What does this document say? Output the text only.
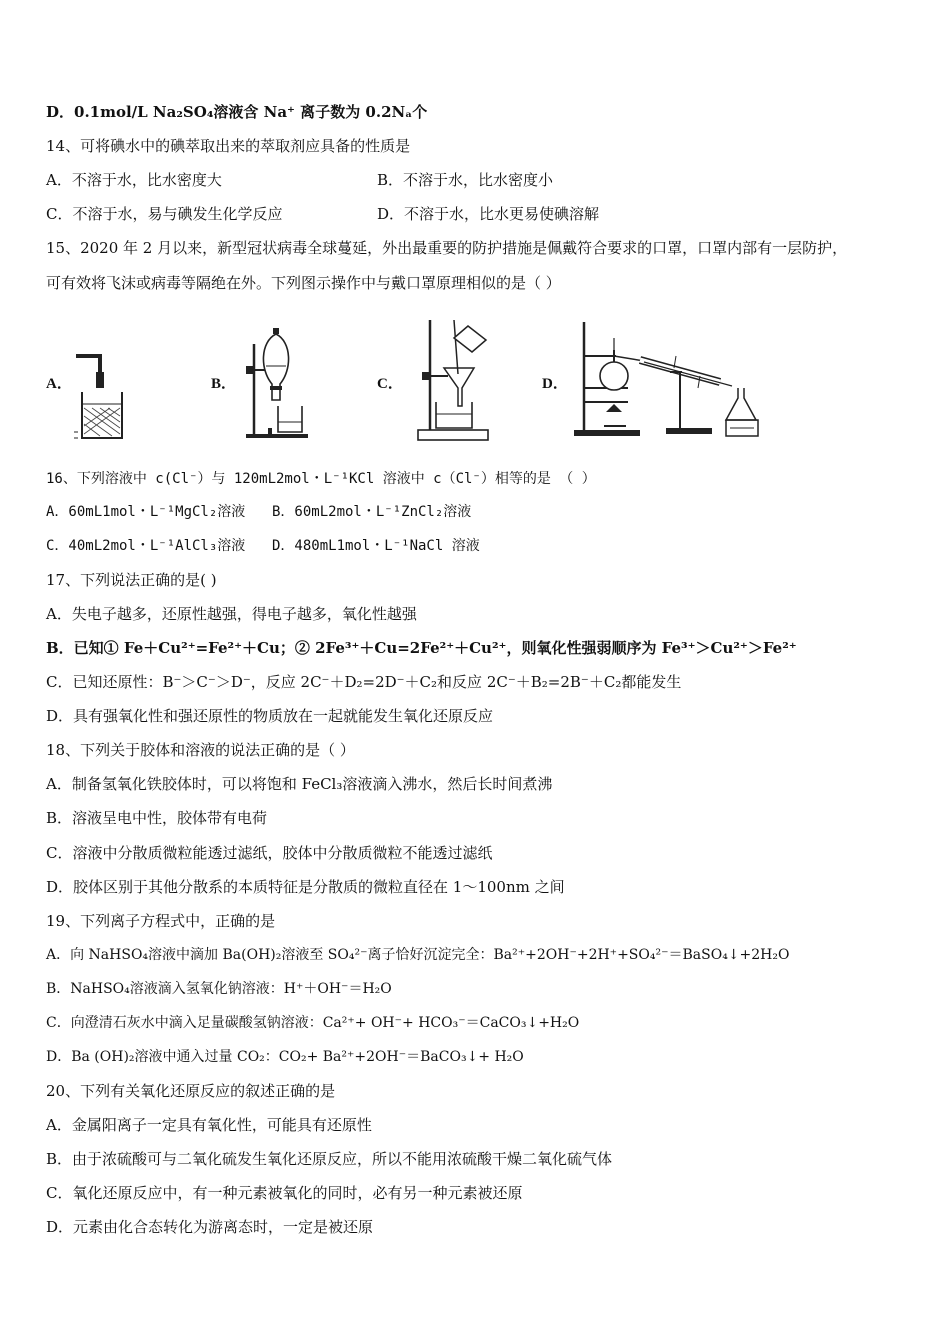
D．0.1mol/L Na₂SO₄溶液含 Na⁺ 离子数为 0.2Nₐ个
14、可将碘水中的碘萃取出来的萃取剂应具备的性质是
A．不溶于水，比水密度大	B．不溶于水，比水密度小
C．不溶于水，易与碘发生化学反应	D．不溶于水，比水更易使碘溶解
15、2020 年 2 月以来，新型冠状病毒全球蔓延，外出最重要的防护措施是佩戴符合要求的口罩，口罩内部有一层防护，
可有效将飞沫或病毒等隔绝在外。下列图示操作中与戴口罩原理相似的是（ ）
A．	B．	C．	D．
16、下列溶液中 c(Cl⁻）与 120mL2mol・L⁻¹KCl 溶液中 c（Cl⁻）相等的是 （ ）
A．60mL1mol・L⁻¹MgCl₂溶液 B．60mL2mol・L⁻¹ZnCl₂溶液
C．40mL2mol・L⁻¹AlCl₃溶液 D．480mL1mol・L⁻¹NaCl 溶液
17、下列说法正确的是( )
A．失电子越多，还原性越强，得电子越多，氧化性越强
B．已知① Fe＋Cu²⁺=Fe²⁺＋Cu；② 2Fe³⁺＋Cu=2Fe²⁺＋Cu²⁺，则氧化性强弱顺序为 Fe³⁺＞Cu²⁺＞Fe²⁺
C．已知还原性：B⁻＞C⁻＞D⁻，反应 2C⁻＋D₂=2D⁻＋C₂和反应 2C⁻＋B₂=2B⁻＋C₂都能发生
D．具有强氧化性和强还原性的物质放在一起就能发生氧化还原反应
18、下列关于胶体和溶液的说法正确的是（ ）
A．制备氢氧化铁胶体时，可以将饱和 FeCl₃溶液滴入沸水，然后长时间煮沸
B．溶液呈电中性，胶体带有电荷
C．溶液中分散质微粒能透过滤纸，胶体中分散质微粒不能透过滤纸
D．胶体区别于其他分散系的本质特征是分散质的微粒直径在 1～100nm 之间
19、下列离子方程式中，正确的是
A．向 NaHSO₄溶液中滴加 Ba(OH)₂溶液至 SO₄²⁻离子恰好沉淀完全：Ba²⁺+2OH⁻+2H⁺+SO₄²⁻＝BaSO₄↓+2H₂O
B．NaHSO₄溶液滴入氢氧化钠溶液：H⁺＋OH⁻＝H₂O
C．向澄清石灰水中滴入足量碳酸氢钠溶液：Ca²⁺+ OH⁻+ HCO₃⁻＝CaCO₃↓+H₂O
D．Ba (OH)₂溶液中通入过量 CO₂：CO₂+ Ba²⁺+2OH⁻＝BaCO₃↓+ H₂O
20、下列有关氧化还原反应的叙述正确的是
A．金属阳离子一定具有氧化性，可能具有还原性
B．由于浓硫酸可与二氧化硫发生氧化还原反应，所以不能用浓硫酸干燥二氧化硫气体
C．氧化还原反应中，有一种元素被氧化的同时，必有另一种元素被还原
D．元素由化合态转化为游离态时，一定是被还原
